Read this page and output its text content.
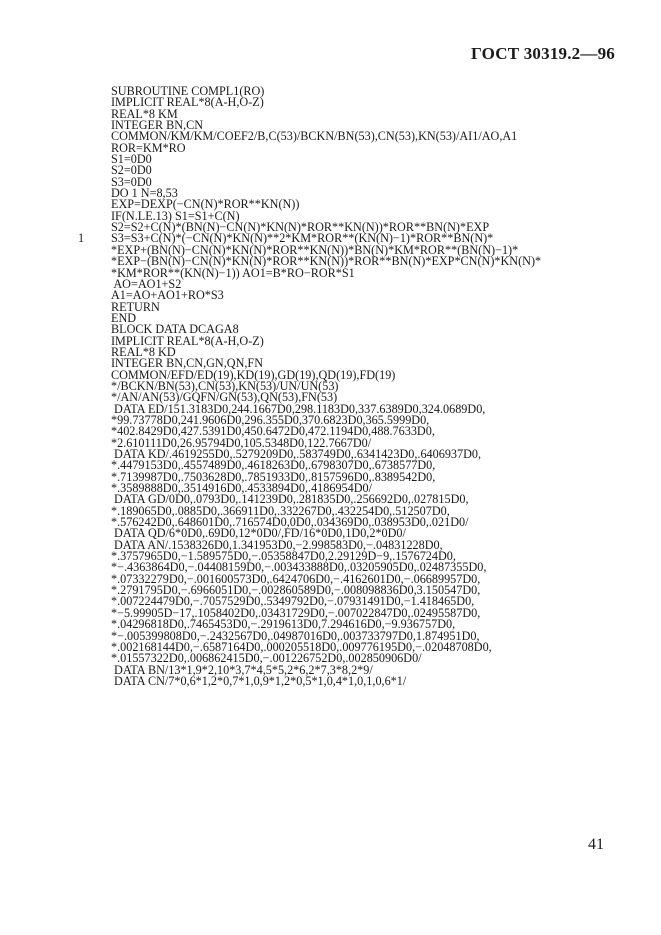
ГОСТ 30319.2—96
SUBROUTINE COMPL1(RO)
IMPLICIT REAL*8(A-H,O-Z)
REAL*8 KM
INTEGER BN,CN
COMMON/KM/KM/COEF2/B,C(53)/BCKN/BN(53),CN(53),KN(53)/AI1/AO,A1
ROR=KM*RO
S1=0D0
S2=0D0
S3=0D0
DO 1 N=8,53
EXP=DEXP(−CN(N)*ROR**KN(N))
IF(N.LE.13) S1=S1+C(N)
S2=S2+C(N)*(BN(N)−CN(N)*KN(N)*ROR**KN(N))*ROR**BN(N)*EXP
1 S3=S3+C(N)*(−CN(N)*KN(N)**2*KM*ROR**(KN(N)−1)*ROR**BN(N)*
*EXP+(BN(N)−CN(N)*KN(N)*ROR**KN(N))*BN(N)*KM*ROR**(BN(N)−1)*
*EXP−(BN(N)−CN(N)*KN(N)*ROR**KN(N))*ROR**BN(N)*EXP*CN(N)*KN(N)*
*KM*ROR**(KN(N)−1)) AO1=B*RO−ROR*S1
AO=AO1+S2
A1=AO+AO1+RO*S3
RETURN
END
BLOCK DATA DCAGA8
IMPLICIT REAL*8(A-H,O-Z)
REAL*8 KD
INTEGER BN,CN,GN,QN,FN
COMMON/EFD/ED(19),KD(19),GD(19),QD(19),FD(19)
*/BCKN/BN(53),CN(53),KN(53)/UN/UN(53)
*/AN/AN(53)/GQFN/GN(53),QN(53),FN(53)
DATA ED/151.3183D0,244.1667D0,298.1183D0,337.6389D0,324.0689D0,
*99.73778D0,241.9606D0,296.355D0,370.6823D0,365.5999D0,
*402.8429D0,427.5391D0,450.6472D0,472.1194D0,488.7633D0,
*2.610111D0,26.95794D0,105.5348D0,122.7667D0/
DATA KD/.4619255D0,.5279209D0,.583749D0,.6341423D0,.6406937D0,
*.4479153D0,.4557489D0,.4618263D0,.6798307D0,.6738577D0,
*.7139987D0,.7503628D0,.7851933D0,.8157596D0,.8389542D0,
*.3589888D0,.3514916D0,.4533894D0,.4186954D0/
DATA GD/0D0,.0793D0,.141239D0,.281835D0,.256692D0,.027815D0,
*.189065D0,.0885D0,.366911D0,.332267D0,.432254D0,.512507D0,
*.576242D0,.648601D0,.716574D0,0D0,.034369D0,.038953D0,.021D0/
DATA QD/6*0D0,.69D0,12*0D0/,FD/16*0D0,1D0,2*0D0/
DATA AN/.1538326D0,1.341953D0,−2.998583D0,−.04831228D0,
*.3757965D0,−1.589575D0,−.05358847D0,2.29129D−9,.1576724D0,
*−.4363864D0,−.04408159D0,−.003433888D0,.03205905D0,.02487355D0,
*.07332279D0,−.001600573D0,.6424706D0,−.4162601D0,−.06689957D0,
*.2791795D0,−.6966051D0,−.002860589D0,−.008098836D0,3.150547D0,
*.007224479D0,−.7057529D0,.5349792D0,−.07931491D0,−1.418465D0,
*−5.99905D−17,.1058402D0,.03431729D0,−.007022847D0,.02495587D0,
*.04296818D0,.7465453D0,−.2919613D0,7.294616D0,−9.936757D0,
*−.005399808D0,−.2432567D0,.04987016D0,.003733797D0,1.874951D0,
*.002168144D0,−.6587164D0,.000205518D0,.009776195D0,−.02048708D0,
*.01557322D0,.006862415D0,−.001226752D0,.002850906D0/
DATA BN/13*1,9*2,10*3,7*4,5*5,2*6,2*7,3*8,2*9/
DATA CN/7*0,6*1,2*0,7*1,0,9*1,2*0,5*1,0,4*1,0,1,0,6*1/
41
